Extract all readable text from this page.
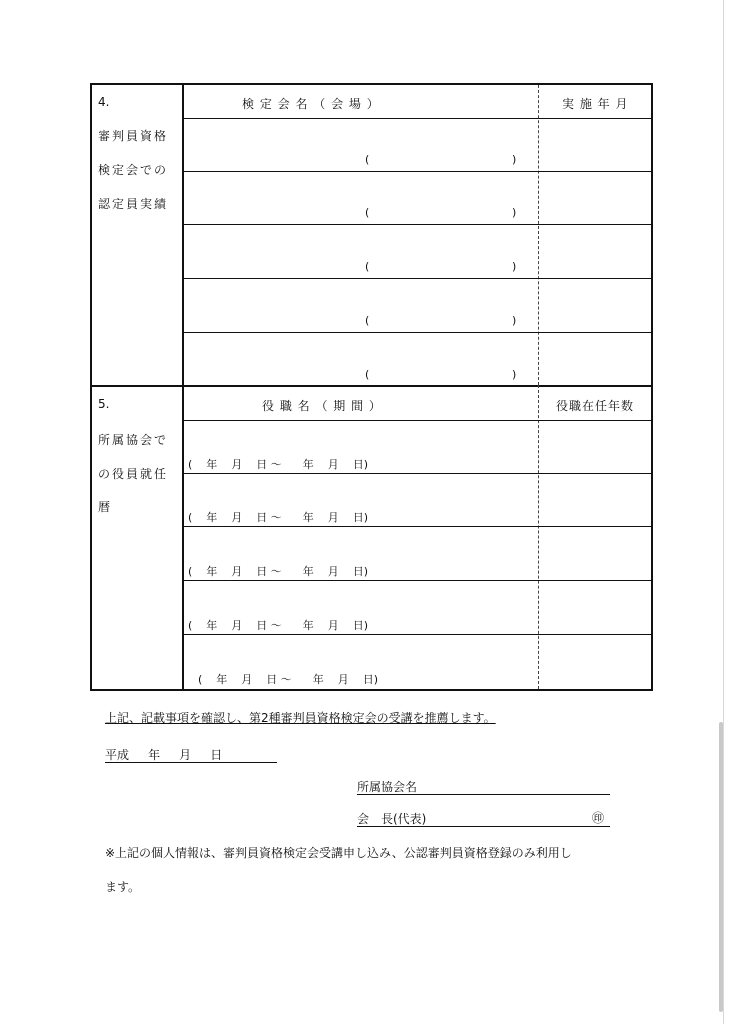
4.
審判員資格
検定会での
認定員実績
検 定 会 名 （ 会 場 ）	実 施 年 月
(	)
(	)
(	)
(	)
(	)
5.
所属協会で
の役員就任
暦
役 職 名 （ 期 間 ）	役職在任年数
(    年    月    日 ～      年    月    日)
(    年    月    日 ～      年    月    日)
(    年    月    日 ～      年    月    日)
(    年    月    日 ～      年    月    日)
(    年    月    日 ～      年    月    日)
上記、記載事項を確認し、第2種審判員資格検定会の受講を推薦します。
平成     年     月     日
所属協会名
会　長(代表)	㊞
※上記の個人情報は、審判員資格検定会受講申し込み、公認審判員資格登録のみ利用し
ます。
